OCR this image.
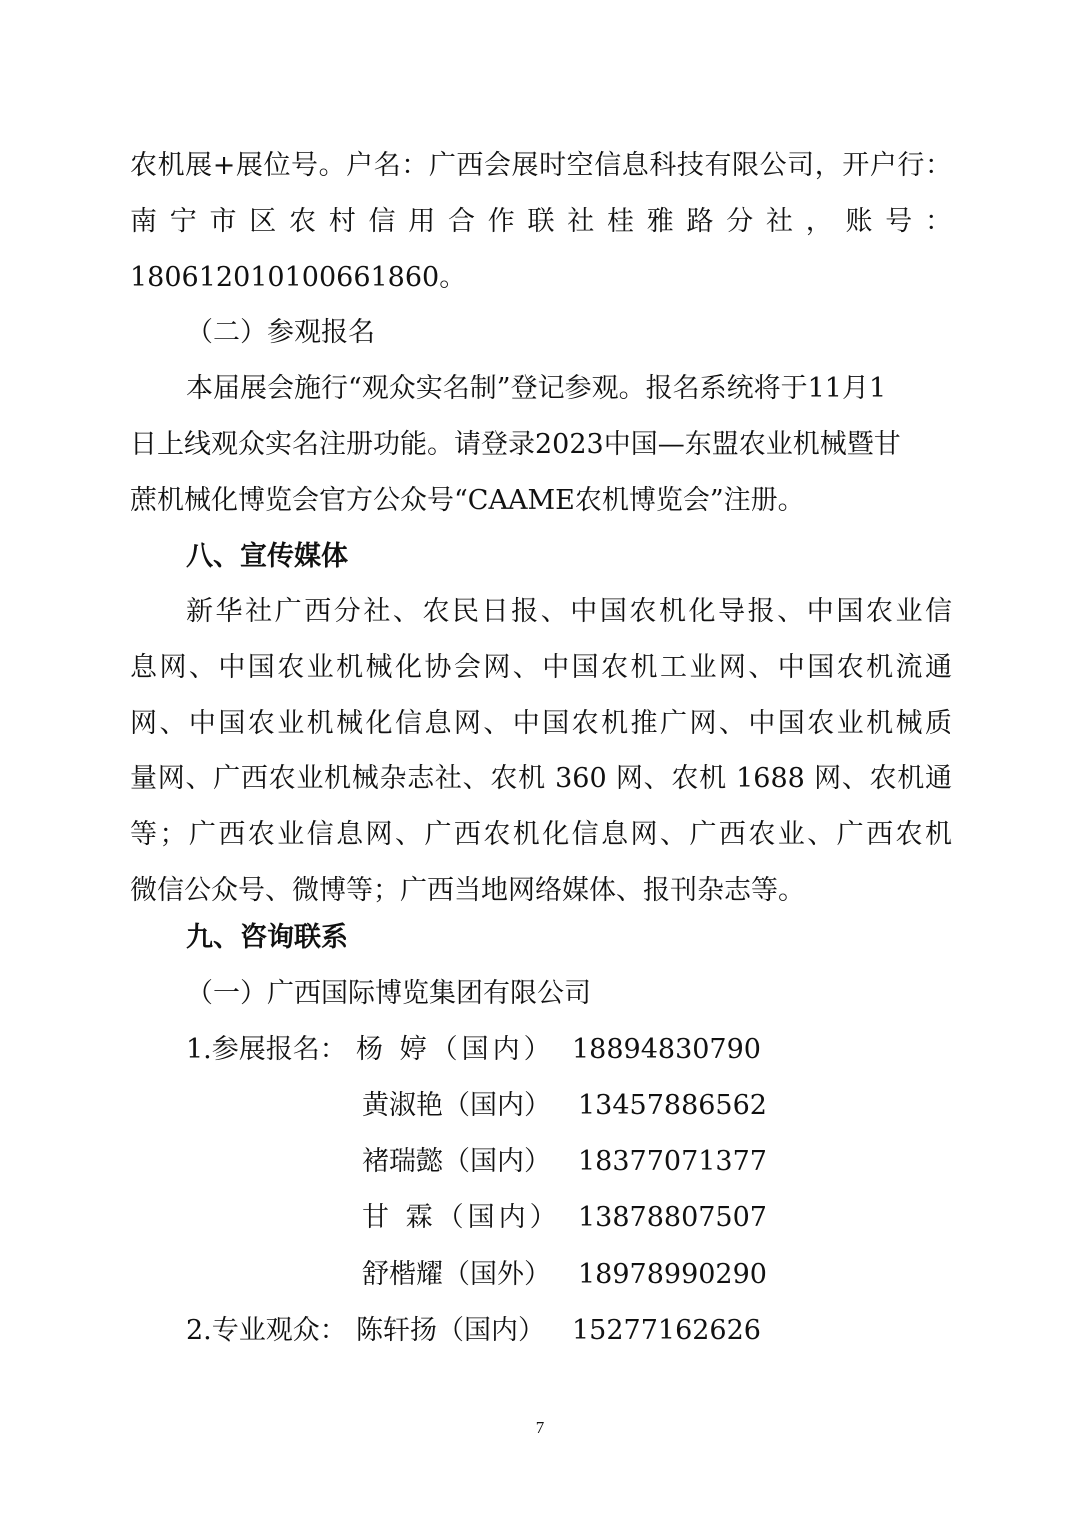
农机展+展位号。户名：广西会展时空信息科技有限公司，开户行：
南宁市区农村信用合作联社桂雅路分社，账号：
180612010100661860。
（二）参观报名
本届展会施行“观众实名制”登记参观。报名系统将于11月1
日上线观众实名注册功能。请登录2023中国—东盟农业机械暨甘
蔗机械化博览会官方公众号“CAAME农机博览会”注册。
八、宣传媒体
新华社广西分社、农民日报、中国农机化导报、中国农业信
息网、中国农业机械化协会网、中国农机工业网、中国农机流通
网、中国农业机械化信息网、中国农机推广网、中国农业机械质
量网、广西农业机械杂志社、农机 360 网、农机 1688 网、农机通
等；广西农业信息网、广西农机化信息网、广西农业、广西农机
微信公众号、微博等；广西当地网络媒体、报刊杂志等。
九、咨询联系
（一）广西国际博览集团有限公司
1.参展报名： 杨 婷（国内） 18894830790
黄淑艳（国内） 13457886562
褚瑞懿（国内） 18377071377
甘 霖（国内） 13878807507
舒楷耀（国外） 18978990290
2.专业观众： 陈轩扬（国内） 15277162626
7
